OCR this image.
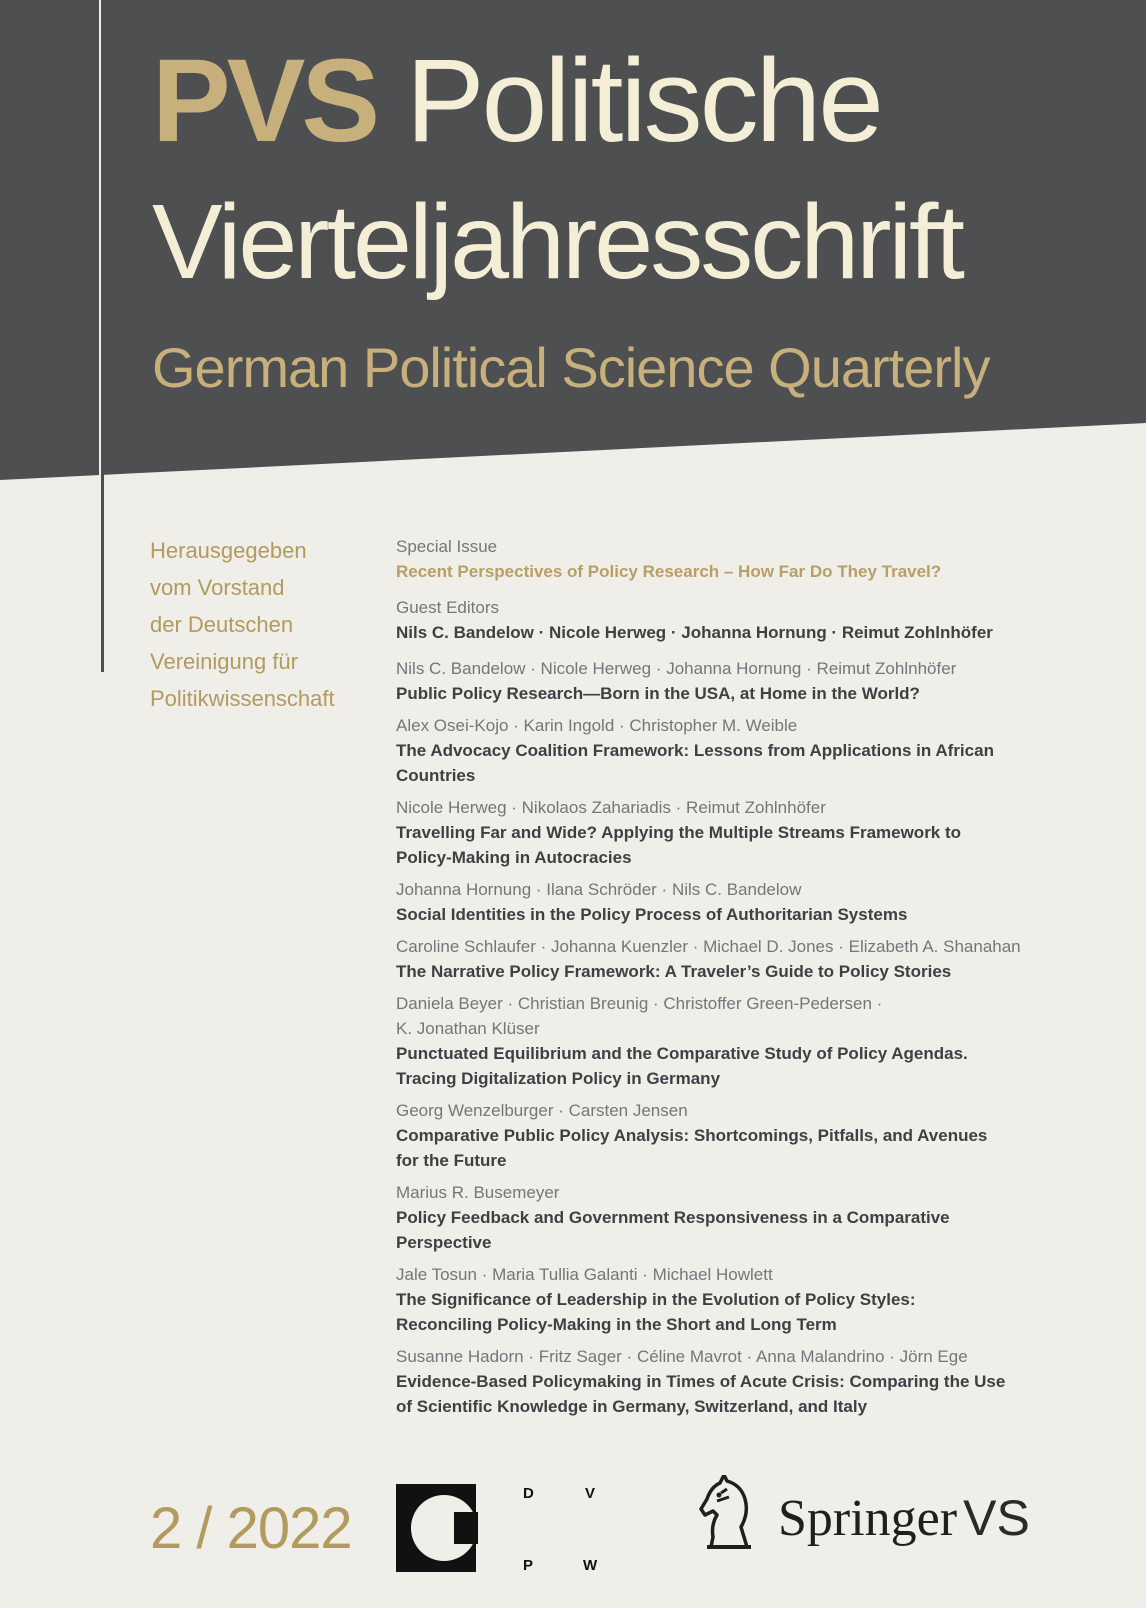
PVS Politische
Vierteljahresschrift
German Political Science Quarterly
Herausgegeben
vom Vorstand
der Deutschen
Vereinigung für
Politikwissenschaft
Special Issue
Recent Perspectives of Policy Research – How Far Do They Travel?
Guest Editors
Nils C. Bandelow · Nicole Herweg · Johanna Hornung · Reimut Zohlnhöfer
Nils C. Bandelow · Nicole Herweg · Johanna Hornung · Reimut Zohlnhöfer
Public Policy Research—Born in the USA, at Home in the World?
Alex Osei-Kojo · Karin Ingold · Christopher M. Weible
The Advocacy Coalition Framework: Lessons from Applications in African
Countries
Nicole Herweg · Nikolaos Zahariadis · Reimut Zohlnhöfer
Travelling Far and Wide? Applying the Multiple Streams Framework to
Policy-Making in Autocracies
Johanna Hornung · Ilana Schröder · Nils C. Bandelow
Social Identities in the Policy Process of Authoritarian Systems
Caroline Schlaufer · Johanna Kuenzler · Michael D. Jones · Elizabeth A. Shanahan
The Narrative Policy Framework: A Traveler’s Guide to Policy Stories
Daniela Beyer · Christian Breunig · Christoffer Green-Pedersen ·
K. Jonathan Klüser
Punctuated Equilibrium and the Comparative Study of Policy Agendas.
Tracing Digitalization Policy in Germany
Georg Wenzelburger · Carsten Jensen
Comparative Public Policy Analysis: Shortcomings, Pitfalls, and Avenues
for the Future
Marius R. Busemeyer
Policy Feedback and Government Responsiveness in a Comparative
Perspective
Jale Tosun · Maria Tullia Galanti · Michael Howlett
The Significance of Leadership in the Evolution of Policy Styles:
Reconciling Policy-Making in the Short and Long Term
Susanne Hadorn · Fritz Sager · Céline Mavrot · Anna Malandrino · Jörn Ege
Evidence-Based Policymaking in Times of Acute Crisis: Comparing the Use
of Scientific Knowledge in Germany, Switzerland, and Italy
2 / 2022
D	V
P	W
Springer VS
